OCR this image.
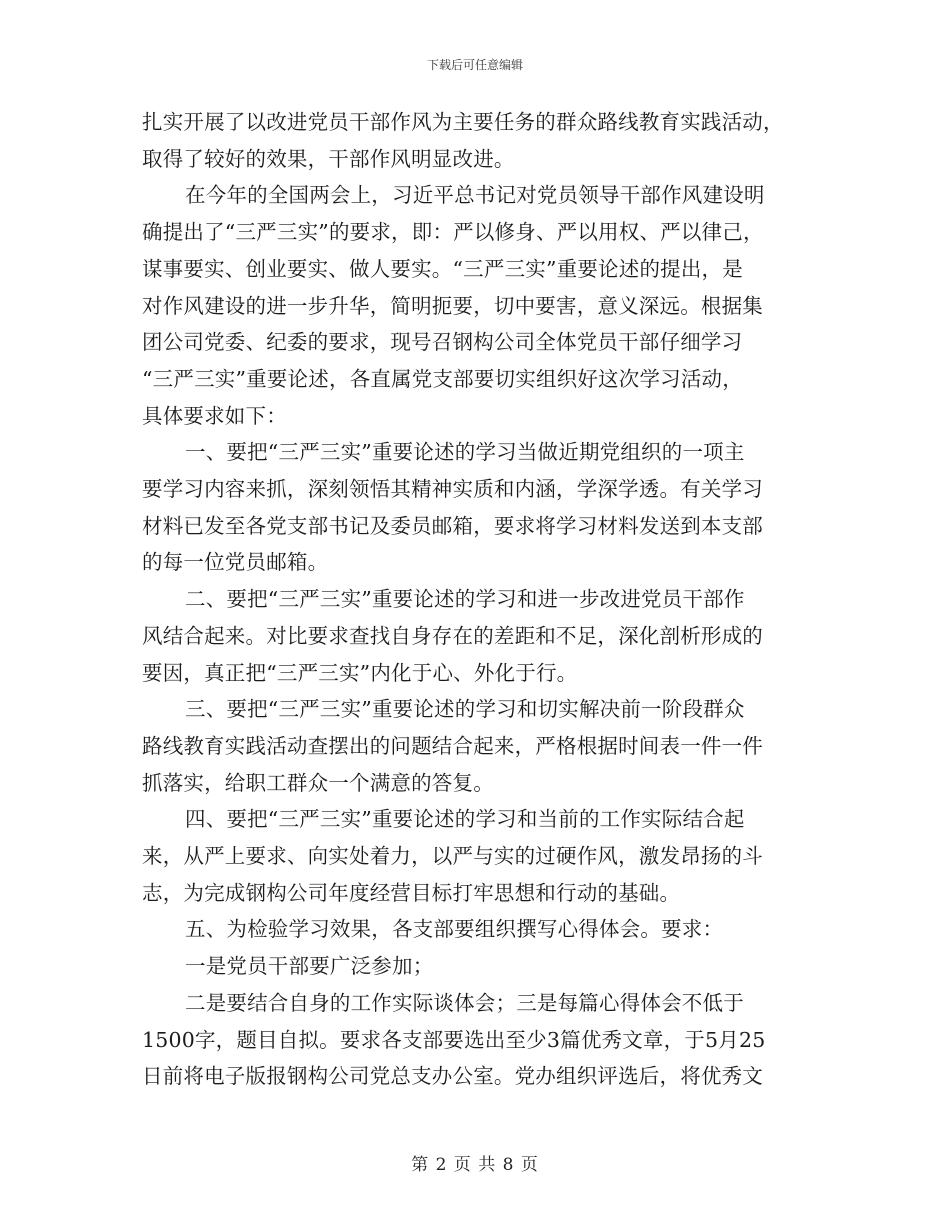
下载后可任意编辑
扎实开展了以改进党员干部作风为主要任务的群众路线教育实践活动，
取得了较好的效果，干部作风明显改进。
在今年的全国两会上，习近平总书记对党员领导干部作风建设明
确提出了“三严三实”的要求，即：严以修身、严以用权、严以律己，
谋事要实、创业要实、做人要实。“三严三实”重要论述的提出，是
对作风建设的进一步升华，简明扼要，切中要害，意义深远。根据集
团公司党委、纪委的要求，现号召钢构公司全体党员干部仔细学习
“三严三实”重要论述，各直属党支部要切实组织好这次学习活动，
具体要求如下：
一、要把“三严三实”重要论述的学习当做近期党组织的一项主
要学习内容来抓，深刻领悟其精神实质和内涵，学深学透。有关学习
材料已发至各党支部书记及委员邮箱，要求将学习材料发送到本支部
的每一位党员邮箱。
二、要把“三严三实”重要论述的学习和进一步改进党员干部作
风结合起来。对比要求查找自身存在的差距和不足，深化剖析形成的
要因，真正把“三严三实”内化于心、外化于行。
三、要把“三严三实”重要论述的学习和切实解决前一阶段群众
路线教育实践活动查摆出的问题结合起来，严格根据时间表一件一件
抓落实，给职工群众一个满意的答复。
四、要把“三严三实”重要论述的学习和当前的工作实际结合起
来，从严上要求、向实处着力，以严与实的过硬作风，激发昂扬的斗
志，为完成钢构公司年度经营目标打牢思想和行动的基础。
五、为检验学习效果，各支部要组织撰写心得体会。要求：
一是党员干部要广泛参加；
二是要结合自身的工作实际谈体会；三是每篇心得体会不低于
1500字，题目自拟。要求各支部要选出至少3篇优秀文章，于5月25
日前将电子版报钢构公司党总支办公室。党办组织评选后，将优秀文
第 2 页 共 8 页
